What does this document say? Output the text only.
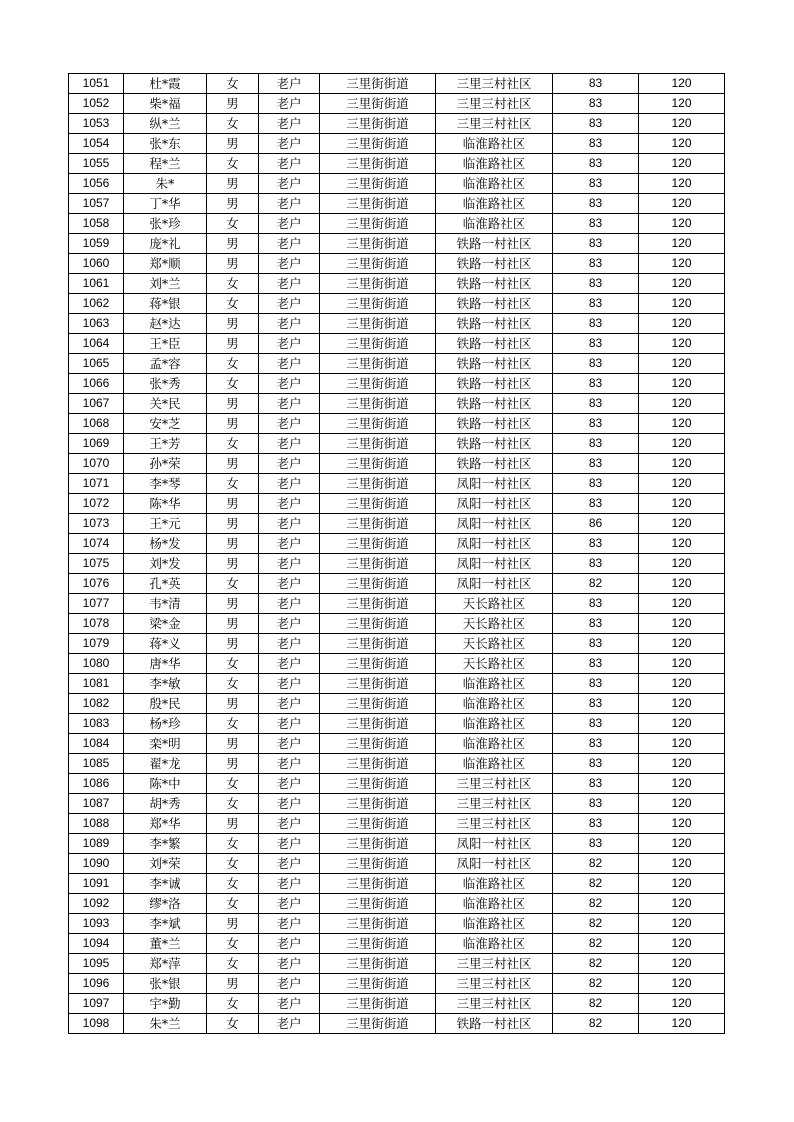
1051	杜*霞	女	老户	三里街街道	三里三村社区	83	120
1052	柴*福	男	老户	三里街街道	三里三村社区	83	120
1053	纵*兰	女	老户	三里街街道	三里三村社区	83	120
1054	张*东	男	老户	三里街街道	临淮路社区	83	120
1055	程*兰	女	老户	三里街街道	临淮路社区	83	120
1056	朱*	男	老户	三里街街道	临淮路社区	83	120
1057	丁*华	男	老户	三里街街道	临淮路社区	83	120
1058	张*珍	女	老户	三里街街道	临淮路社区	83	120
1059	庞*礼	男	老户	三里街街道	铁路一村社区	83	120
1060	郑*顺	男	老户	三里街街道	铁路一村社区	83	120
1061	刘*兰	女	老户	三里街街道	铁路一村社区	83	120
1062	蒋*银	女	老户	三里街街道	铁路一村社区	83	120
1063	赵*达	男	老户	三里街街道	铁路一村社区	83	120
1064	王*臣	男	老户	三里街街道	铁路一村社区	83	120
1065	孟*容	女	老户	三里街街道	铁路一村社区	83	120
1066	张*秀	女	老户	三里街街道	铁路一村社区	83	120
1067	关*民	男	老户	三里街街道	铁路一村社区	83	120
1068	安*芝	男	老户	三里街街道	铁路一村社区	83	120
1069	王*芳	女	老户	三里街街道	铁路一村社区	83	120
1070	孙*荣	男	老户	三里街街道	铁路一村社区	83	120
1071	李*琴	女	老户	三里街街道	凤阳一村社区	83	120
1072	陈*华	男	老户	三里街街道	凤阳一村社区	83	120
1073	王*元	男	老户	三里街街道	凤阳一村社区	86	120
1074	杨*发	男	老户	三里街街道	凤阳一村社区	83	120
1075	刘*发	男	老户	三里街街道	凤阳一村社区	83	120
1076	孔*英	女	老户	三里街街道	凤阳一村社区	82	120
1077	韦*清	男	老户	三里街街道	天长路社区	83	120
1078	梁*金	男	老户	三里街街道	天长路社区	83	120
1079	蒋*义	男	老户	三里街街道	天长路社区	83	120
1080	唐*华	女	老户	三里街街道	天长路社区	83	120
1081	李*敏	女	老户	三里街街道	临淮路社区	83	120
1082	殷*民	男	老户	三里街街道	临淮路社区	83	120
1083	杨*珍	女	老户	三里街街道	临淮路社区	83	120
1084	栾*明	男	老户	三里街街道	临淮路社区	83	120
1085	翟*龙	男	老户	三里街街道	临淮路社区	83	120
1086	陈*中	女	老户	三里街街道	三里三村社区	83	120
1087	胡*秀	女	老户	三里街街道	三里三村社区	83	120
1088	郑*华	男	老户	三里街街道	三里三村社区	83	120
1089	李*繁	女	老户	三里街街道	凤阳一村社区	83	120
1090	刘*荣	女	老户	三里街街道	凤阳一村社区	82	120
1091	李*诚	女	老户	三里街街道	临淮路社区	82	120
1092	缪*洛	女	老户	三里街街道	临淮路社区	82	120
1093	李*斌	男	老户	三里街街道	临淮路社区	82	120
1094	董*兰	女	老户	三里街街道	临淮路社区	82	120
1095	郑*萍	女	老户	三里街街道	三里三村社区	82	120
1096	张*银	男	老户	三里街街道	三里三村社区	82	120
1097	宇*勤	女	老户	三里街街道	三里三村社区	82	120
1098	朱*兰	女	老户	三里街街道	铁路一村社区	82	120
